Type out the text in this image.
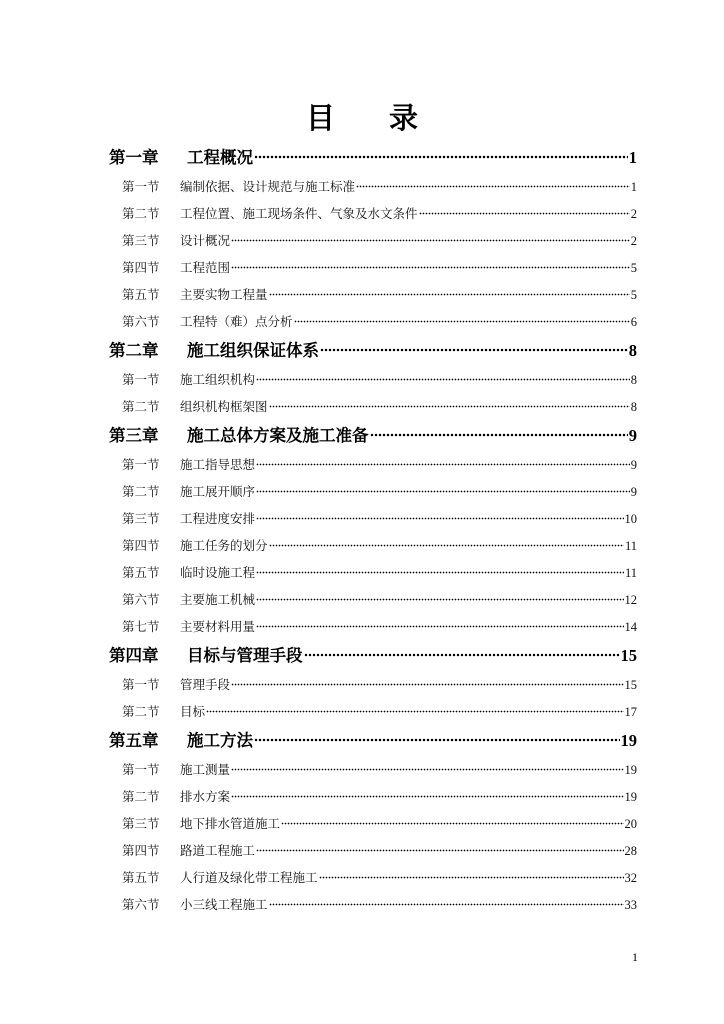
目 录
第一章	工程概况	1
第一节	编制依据、设计规范与施工标准	1
第二节	工程位置、施工现场条件、气象及水文条件	2
第三节	设计概况	2
第四节	工程范围	5
第五节	主要实物工程量	5
第六节	工程特（难）点分析	6
第二章	施工组织保证体系	8
第一节	施工组织机构	8
第二节	组织机构框架图	8
第三章	施工总体方案及施工准备	9
第一节	施工指导思想	9
第二节	施工展开顺序	9
第三节	工程进度安排	10
第四节	施工任务的划分	11
第五节	临时设施工程	11
第六节	主要施工机械	12
第七节	主要材料用量	14
第四章	目标与管理手段	15
第一节	管理手段	15
第二节	目标	17
第五章	施工方法	19
第一节	施工测量	19
第二节	排水方案	19
第三节	地下排水管道施工	20
第四节	路道工程施工	28
第五节	人行道及绿化带工程施工	32
第六节	小三线工程施工	33
1
